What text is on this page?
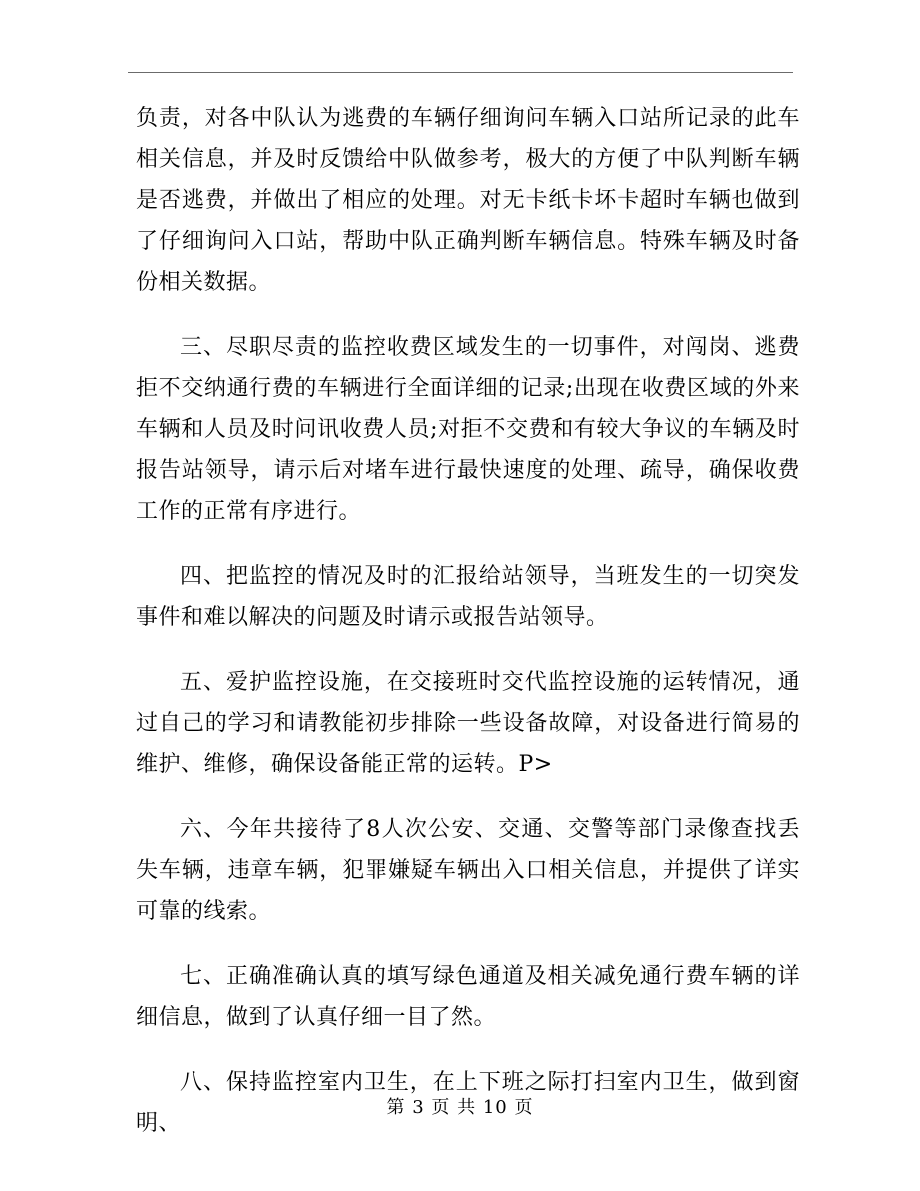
负责，对各中队认为逃费的车辆仔细询问车辆入口站所记录的此车相关信息，并及时反馈给中队做参考，极大的方便了中队判断车辆是否逃费，并做出了相应的处理。对无卡纸卡坏卡超时车辆也做到了仔细询问入口站，帮助中队正确判断车辆信息。特殊车辆及时备份相关数据。

三、尽职尽责的监控收费区域发生的一切事件，对闯岗、逃费拒不交纳通行费的车辆进行全面详细的记录;出现在收费区域的外来车辆和人员及时问讯收费人员;对拒不交费和有较大争议的车辆及时报告站领导，请示后对堵车进行最快速度的处理、疏导，确保收费工作的正常有序进行。

四、把监控的情况及时的汇报给站领导，当班发生的一切突发事件和难以解决的问题及时请示或报告站领导。

五、爱护监控设施，在交接班时交代监控设施的运转情况，通过自己的学习和请教能初步排除一些设备故障，对设备进行简易的维护、维修，确保设备能正常的运转。P>

六、今年共接待了8人次公安、交通、交警等部门录像查找丢失车辆，违章车辆，犯罪嫌疑车辆出入口相关信息，并提供了详实可靠的线索。

七、正确准确认真的填写绿色通道及相关减免通行费车辆的详细信息，做到了认真仔细一目了然。

八、保持监控室内卫生，在上下班之际打扫室内卫生，做到窗明、

第 3 页 共 10 页
